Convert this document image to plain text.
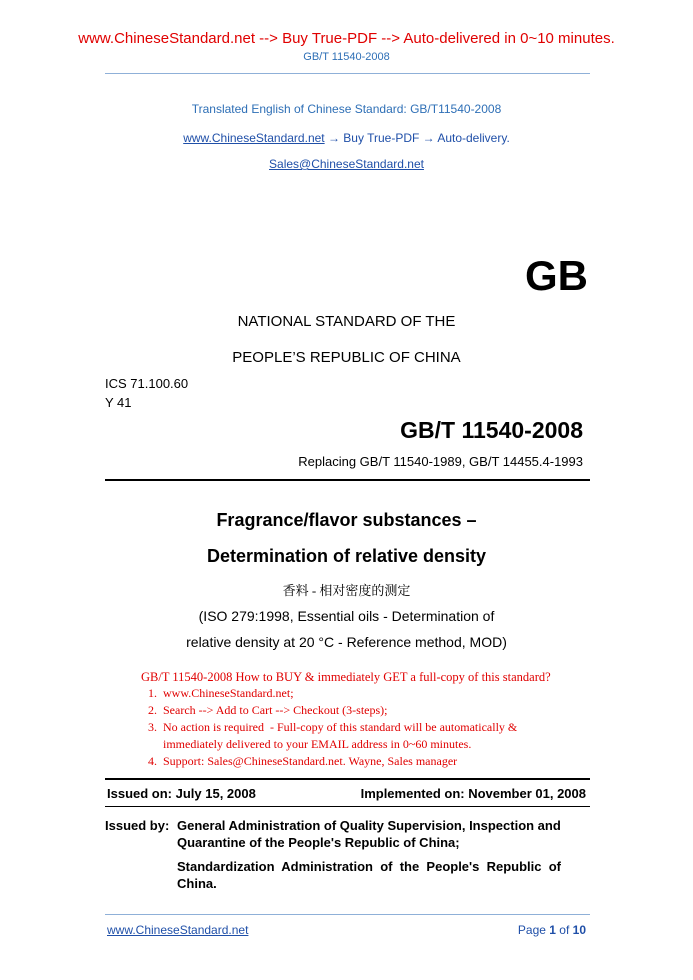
www.ChineseStandard.net --> Buy True-PDF --> Auto-delivered in 0~10 minutes.
GB/T 11540-2008
Translated English of Chinese Standard: GB/T11540-2008
www.ChineseStandard.net → Buy True-PDF → Auto-delivery.
Sales@ChineseStandard.net
GB
NATIONAL STANDARD OF THE
PEOPLE’S REPUBLIC OF CHINA
ICS 71.100.60
Y 41
GB/T 11540-2008
Replacing GB/T 11540-1989, GB/T 14455.4-1993
Fragrance/flavor substances –
Determination of relative density
香料 - 相对密度的测定
(ISO 279:1998, Essential oils - Determination of
relative density at 20 °C - Reference method, MOD)
GB/T 11540-2008 How to BUY & immediately GET a full-copy of this standard?
1.  www.ChineseStandard.net;
2.  Search --> Add to Cart --> Checkout (3-steps);
3.  No action is required  - Full-copy of this standard will be automatically &
immediately delivered to your EMAIL address in 0~60 minutes.
4.  Support: Sales@ChineseStandard.net. Wayne, Sales manager
Issued on: July 15, 2008	Implemented on: November 01, 2008
Issued by: General Administration of Quality Supervision, Inspection and
Quarantine of the People's Republic of China;
Standardization  Administration  of  the  People's  Republic  of
China.
www.ChineseStandard.net	Page 1 of 10
